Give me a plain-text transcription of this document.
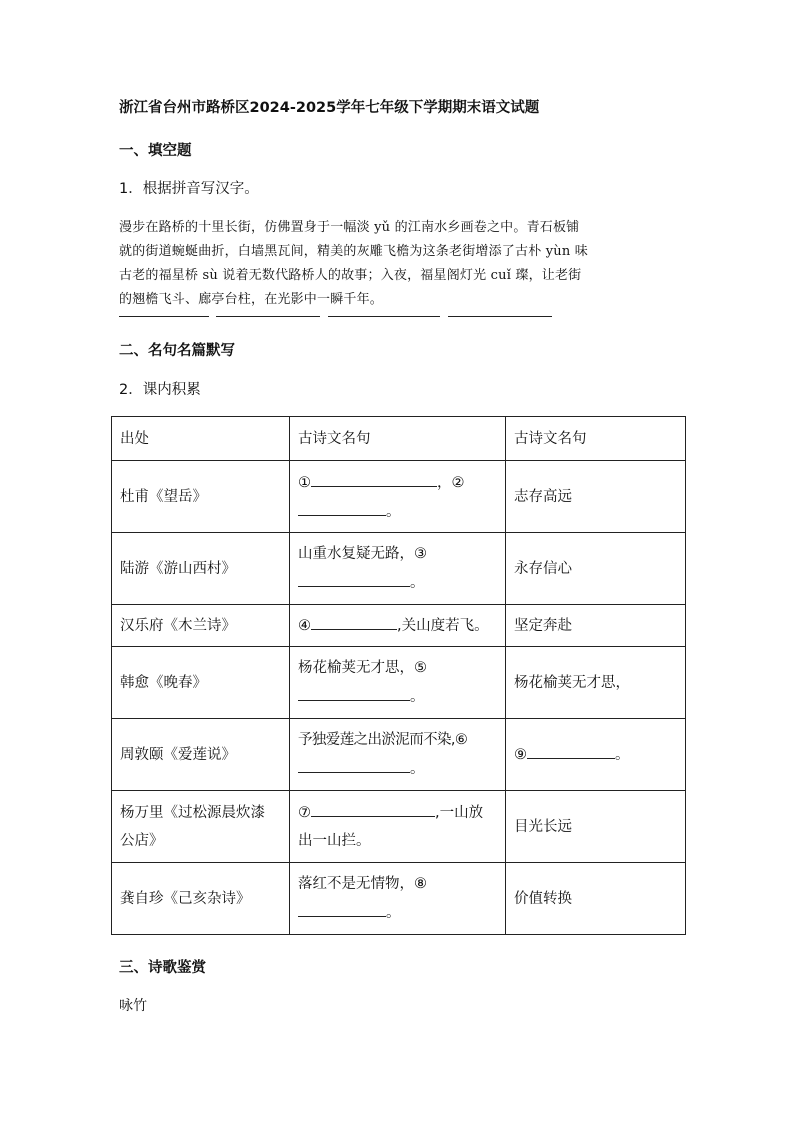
浙江省台州市路桥区2024-2025学年七年级下学期期末语文试题
一、填空题
1．根据拼音写汉字。
漫步在路桥的十里长街，仿佛置身于一幅淡 yǔ 的江南水乡画卷之中。青石板铺
就的街道蜿蜒曲折，白墙黑瓦间，精美的灰雕飞檐为这条老街增添了古朴 yùn 味
古老的福星桥 sù 说着无数代路桥人的故事；入夜，福星阁灯光 cuǐ 璨，让老街
的翘檐飞斗、廊亭台柱，在光影中一瞬千年。
二、名句名篇默写
2．课内积累
出处	古诗文名句	古诗文名句
杜甫《望岳》	① ，②
。	志存高远
陆游《游山西村》	山重水复疑无路，③
。	永存信心
汉乐府《木兰诗》	④ ,关山度若飞。	坚定奔赴
韩愈《晚春》	杨花榆荚无才思，⑤
。	杨花榆荚无才思，
周敦颐《爱莲说》	予独爱莲之出淤泥而不染,⑥
。	⑨ 。
杨万里《过松源晨炊漆
公店》	⑦ ,一山放
出一山拦。	目光长远
龚自珍《己亥杂诗》	落红不是无情物，⑧
。	价值转换
三、诗歌鉴赏
咏竹
